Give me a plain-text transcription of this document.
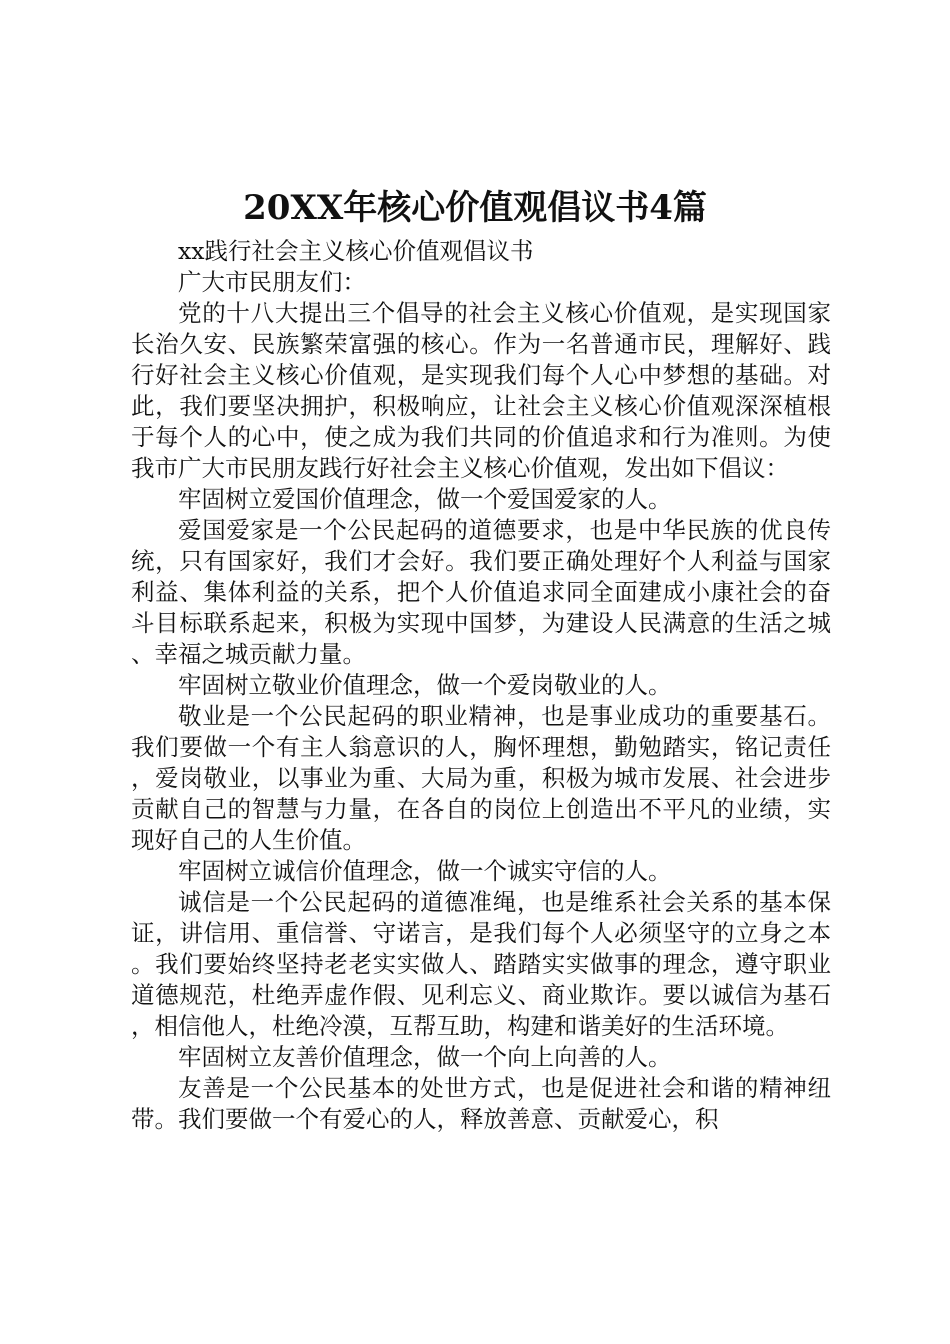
20XX年核心价值观倡议书4篇

xx践行社会主义核心价值观倡议书

广大市民朋友们：

党的十八大提出三个倡导的社会主义核心价值观，是实现国家长治久安、民族繁荣富强的核心。作为一名普通市民，理解好、践行好社会主义核心价值观，是实现我们每个人心中梦想的基础。对此，我们要坚决拥护，积极响应，让社会主义核心价值观深深植根于每个人的心中，使之成为我们共同的价值追求和行为准则。为使我市广大市民朋友践行好社会主义核心价值观，发出如下倡议：

牢固树立爱国价值理念，做一个爱国爱家的人。

爱国爱家是一个公民起码的道德要求，也是中华民族的优良传统，只有国家好，我们才会好。我们要正确处理好个人利益与国家利益、集体利益的关系，把个人价值追求同全面建成小康社会的奋斗目标联系起来，积极为实现中国梦，为建设人民满意的生活之城、幸福之城贡献力量。

牢固树立敬业价值理念，做一个爱岗敬业的人。

敬业是一个公民起码的职业精神，也是事业成功的重要基石。我们要做一个有主人翁意识的人，胸怀理想，勤勉踏实，铭记责任，爱岗敬业，以事业为重、大局为重，积极为城市发展、社会进步贡献自己的智慧与力量，在各自的岗位上创造出不平凡的业绩，实现好自己的人生价值。

牢固树立诚信价值理念，做一个诚实守信的人。

诚信是一个公民起码的道德准绳，也是维系社会关系的基本保证，讲信用、重信誉、守诺言，是我们每个人必须坚守的立身之本。我们要始终坚持老老实实做人、踏踏实实做事的理念，遵守职业道德规范，杜绝弄虚作假、见利忘义、商业欺诈。要以诚信为基石，相信他人，杜绝冷漠，互帮互助，构建和谐美好的生活环境。

牢固树立友善价值理念，做一个向上向善的人。

友善是一个公民基本的处世方式，也是促进社会和谐的精神纽带。我们要做一个有爱心的人，释放善意、贡献爱心，积
